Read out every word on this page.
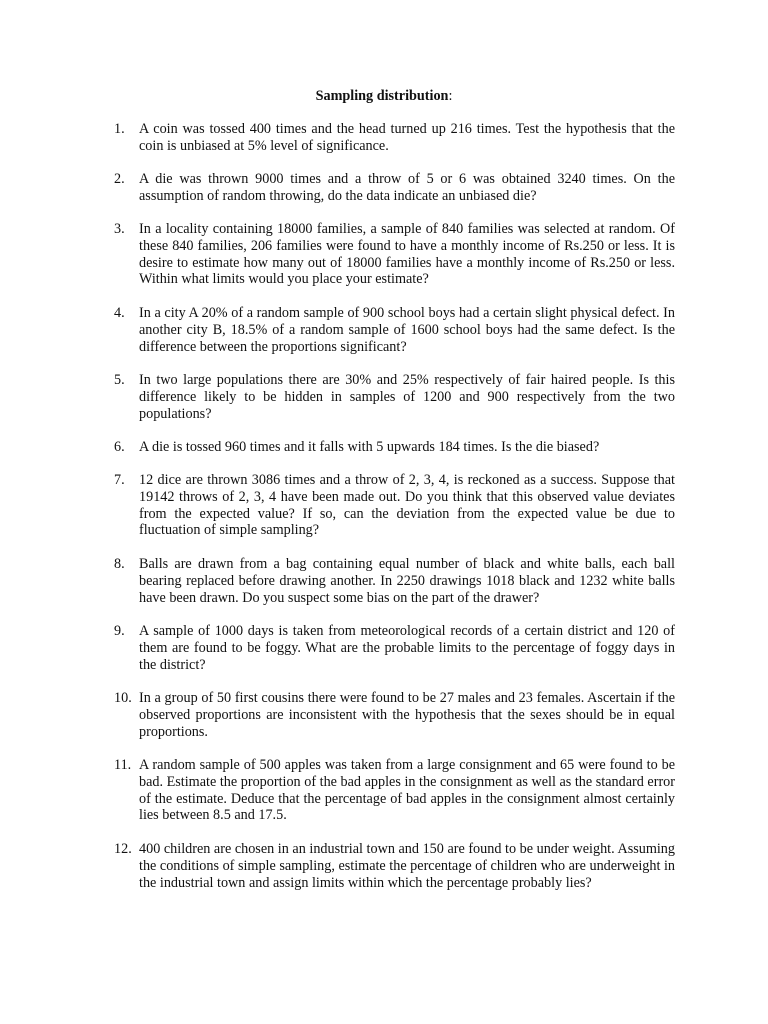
Sampling distribution:
1.	A coin was tossed 400 times and the head turned up 216 times. Test the hypothesis that the coin is unbiased at 5% level of significance.
2.	A die was thrown 9000 times and a throw of 5 or 6 was obtained 3240 times. On the assumption of random throwing, do the data indicate an unbiased die?
3.	In a locality containing 18000 families, a sample of 840 families was selected at random. Of these 840 families, 206 families were found to have a monthly income of Rs.250 or less. It is desire to estimate how many out of 18000 families have a monthly income of Rs.250 or less. Within what limits would you place your estimate?
4.	In a city A 20% of a random sample of 900 school boys had a certain slight physical defect. In another city B, 18.5% of a random sample of 1600 school boys had the same defect. Is the difference between the proportions significant?
5.	In two large populations there are 30% and 25% respectively of fair haired people. Is this difference likely to be hidden in samples of 1200 and 900 respectively from the two populations?
6.	A die is tossed 960 times and it falls with 5 upwards 184 times. Is the die biased?
7.	12 dice are thrown 3086 times and a throw of 2, 3, 4, is reckoned as a success. Suppose that 19142 throws of 2, 3, 4 have been made out. Do you think that this observed value deviates from the expected value? If so, can the deviation from the expected value be due to fluctuation of simple sampling?
8.	Balls are drawn from a bag containing equal number of black and white balls, each ball bearing replaced before drawing another. In 2250 drawings 1018 black and 1232 white balls have been drawn. Do you suspect some bias on the part of the drawer?
9.	A sample of 1000 days is taken from meteorological records of a certain district and 120 of them are found to be foggy. What are the probable limits to the percentage of foggy days in the district?
10. In a group of 50 first cousins there were found to be 27 males and 23 females. Ascertain if the observed proportions are inconsistent with the hypothesis that the sexes should be in equal proportions.
11. A random sample of 500 apples was taken from a large consignment and 65 were found to be bad. Estimate the proportion of the bad apples in the consignment as well as the standard error of the estimate. Deduce that the percentage of bad apples in the consignment almost certainly lies between 8.5 and 17.5.
12. 400 children are chosen in an industrial town and 150 are found to be under weight. Assuming the conditions of simple sampling, estimate the percentage of children who are underweight in the industrial town and assign limits within which the percentage probably lies?
